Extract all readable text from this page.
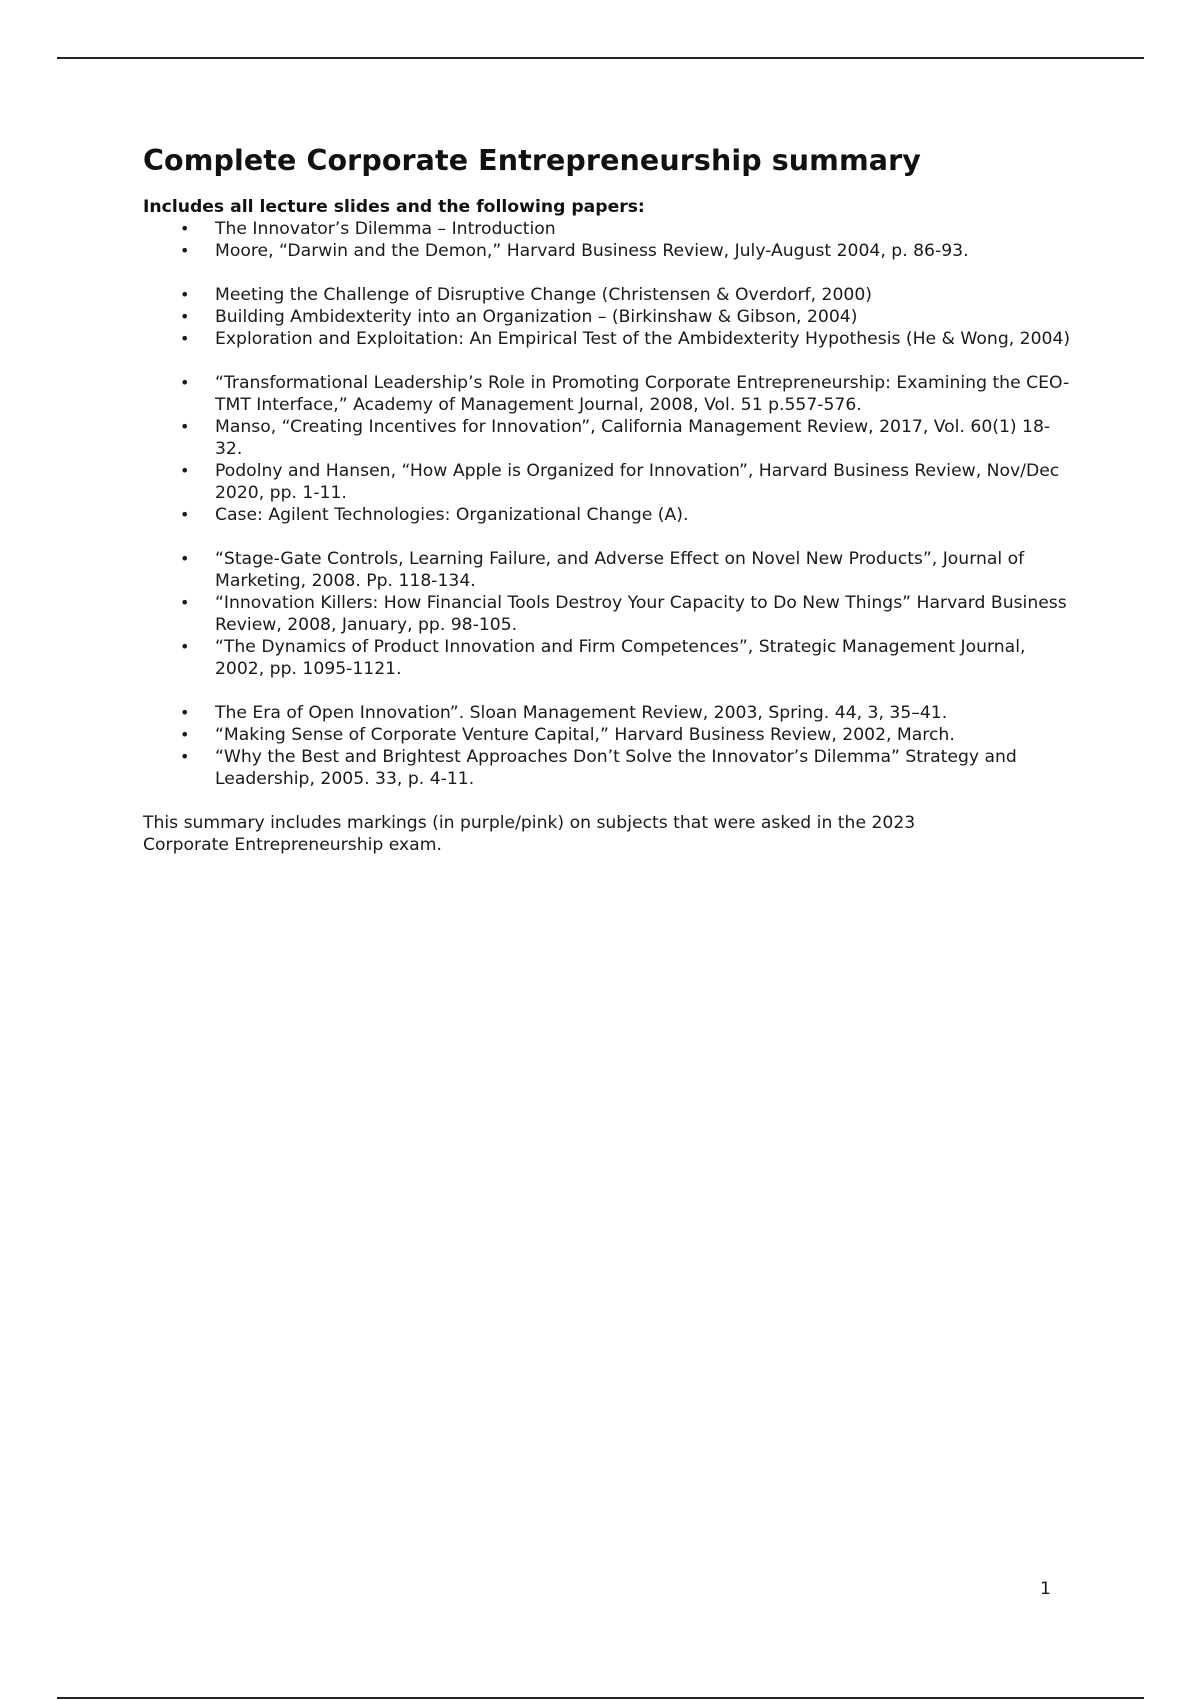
Complete Corporate Entrepreneurship summary

Includes all lecture slides and the following papers:

• The Innovator’s Dilemma – Introduction
• Moore, “Darwin and the Demon,” Harvard Business Review, July-August 2004, p. 86-93.
• Meeting the Challenge of Disruptive Change (Christensen & Overdorf, 2000)
• Building Ambidexterity into an Organization – (Birkinshaw & Gibson, 2004)
• Exploration and Exploitation: An Empirical Test of the Ambidexterity Hypothesis (He & Wong, 2004)
• “Transformational Leadership’s Role in Promoting Corporate Entrepreneurship: Examining the CEO-TMT Interface,” Academy of Management Journal, 2008, Vol. 51 p.557-576.
• Manso, “Creating Incentives for Innovation”, California Management Review, 2017, Vol. 60(1) 18-32.
• Podolny and Hansen, “How Apple is Organized for Innovation”, Harvard Business Review, Nov/Dec 2020, pp. 1-11.
• Case: Agilent Technologies: Organizational Change (A).
• “Stage-Gate Controls, Learning Failure, and Adverse Effect on Novel New Products”, Journal of Marketing, 2008. Pp. 118-134.
• “Innovation Killers: How Financial Tools Destroy Your Capacity to Do New Things” Harvard Business Review, 2008, January, pp. 98-105.
• “The Dynamics of Product Innovation and Firm Competences”, Strategic Management Journal, 2002, pp. 1095-1121.
• The Era of Open Innovation”. Sloan Management Review, 2003, Spring. 44, 3, 35–41.
• “Making Sense of Corporate Venture Capital,” Harvard Business Review, 2002, March.
• “Why the Best and Brightest Approaches Don’t Solve the Innovator’s Dilemma” Strategy and Leadership, 2005. 33, p. 4-11.

This summary includes markings (in purple/pink) on subjects that were asked in the 2023 Corporate Entrepreneurship exam.

1
